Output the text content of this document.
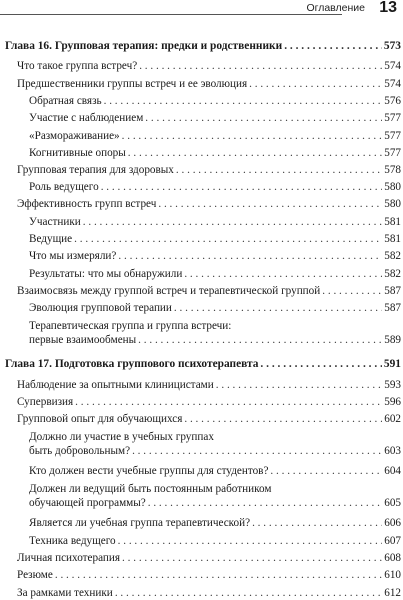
Оглавление 13
Глава 16. Групповая терапия: предки и родственники . . .	573
Что такое группа встреч? . . .	574
Предшественники группы встреч и ее эволюция . . .	574
Обратная связь . . .	576
Участие с наблюдением . . .	577
«Размораживание» . . .	577
Когнитивные опоры . . .	577
Групповая терапия для здоровых . . .	578
Роль ведущего . . .	580
Эффективность групп встреч . . .	580
Участники . . .	581
Ведущие . . .	581
Что мы измеряли? . . .	582
Результаты: что мы обнаружили . . .	582
Взаимосвязь между группой встреч и терапевтической группой . . .	587
Эволюция групповой терапии . . .	587
Терапевтическая группа и группа встречи:
первые взаимообмены . . .	589
Глава 17. Подготовка группового психотерапевта . . .	591
Наблюдение за опытными клиницистами . . .	593
Супервизия . . .	596
Групповой опыт для обучающихся . . .	602
Должно ли участие в учебных группах
быть добровольным? . . .	603
Кто должен вести учебные группы для студентов? . . .	604
Должен ли ведущий быть постоянным работником
обучающей программы? . . .	605
Является ли учебная группа терапевтической? . . .	606
Техника ведущего . . .	607
Личная психотерапия . . .	608
Резюме . . .	610
За рамками техники . . .	612
